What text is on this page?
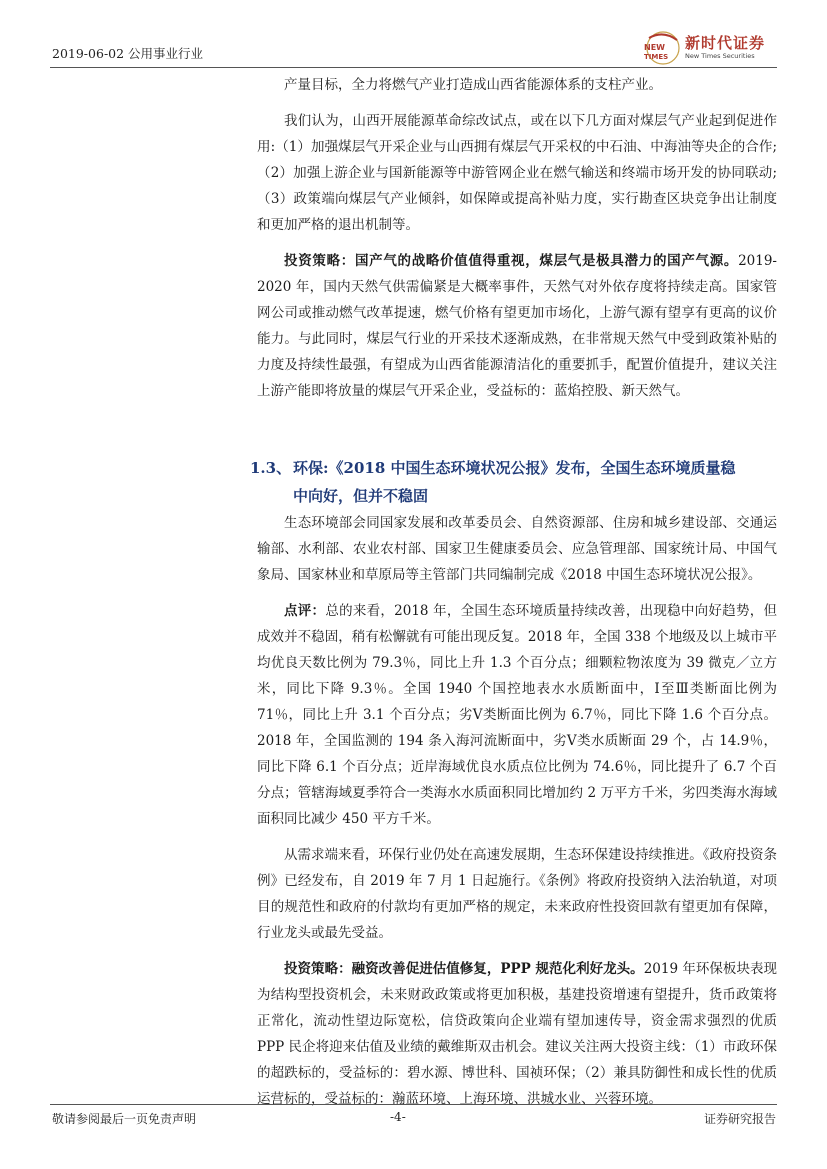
2019-06-02 公用事业行业	NEW
TIMES
新时代证券
New Times Securities

产量目标，全力将燃气产业打造成山西省能源体系的支柱产业。

我们认为，山西开展能源革命综改试点，或在以下几方面对煤层气产业起到促进作用:（1）加强煤层气开采企业与山西拥有煤层气开采权的中石油、中海油等央企的合作;（2）加强上游企业与国新能源等中游管网企业在燃气输送和终端市场开发的协同联动;（3）政策端向煤层气产业倾斜，如保障或提高补贴力度，实行勘查区块竞争出让制度和更加严格的退出机制等。

投资策略：国产气的战略价值值得重视，煤层气是极具潜力的国产气源。2019-2020 年，国内天然气供需偏紧是大概率事件，天然气对外依存度将持续走高。国家管网公司或推动燃气改革提速，燃气价格有望更加市场化，上游气源有望享有更高的议价能力。与此同时，煤层气行业的开采技术逐渐成熟，在非常规天然气中受到政策补贴的力度及持续性最强，有望成为山西省能源清洁化的重要抓手，配置价值提升，建议关注上游产能即将放量的煤层气开采企业，受益标的：蓝焰控股、新天然气。

1.3、 环保:《2018 中国生态环境状况公报》发布，全国生态环境质量稳
中向好，但并不稳固

生态环境部会同国家发展和改革委员会、自然资源部、住房和城乡建设部、交通运输部、水利部、农业农村部、国家卫生健康委员会、应急管理部、国家统计局、中国气象局、国家林业和草原局等主管部门共同编制完成《2018 中国生态环境状况公报》。

点评：总的来看，2018 年，全国生态环境质量持续改善，出现稳中向好趋势，但成效并不稳固，稍有松懈就有可能出现反复。2018 年，全国 338 个地级及以上城市平均优良天数比例为 79.3％，同比上升 1.3 个百分点；细颗粒物浓度为 39 微克／立方米，同比下降 9.3％。全国 1940 个国控地表水水质断面中，Ⅰ至Ⅲ类断面比例为 71％，同比上升 3.1 个百分点；劣Ⅴ类断面比例为 6.7％，同比下降 1.6 个百分点。2018 年，全国监测的 194 条入海河流断面中，劣Ⅴ类水质断面 29 个，占 14.9％，同比下降 6.1 个百分点；近岸海域优良水质点位比例为 74.6％，同比提升了 6.7 个百分点；管辖海域夏季符合一类海水水质面积同比增加约 2 万平方千米，劣四类海水海域面积同比减少 450 平方千米。

从需求端来看，环保行业仍处在高速发展期，生态环保建设持续推进。《政府投资条例》已经发布，自 2019 年 7 月 1 日起施行。《条例》将政府投资纳入法治轨道，对项目的规范性和政府的付款均有更加严格的规定，未来政府性投资回款有望更加有保障，行业龙头或最先受益。

投资策略：融资改善促进估值修复，PPP 规范化利好龙头。2019 年环保板块表现为结构型投资机会，未来财政政策或将更加积极，基建投资增速有望提升，货币政策将正常化，流动性望边际宽松，信贷政策向企业端有望加速传导，资金需求强烈的优质 PPP 民企将迎来估值及业绩的戴维斯双击机会。建议关注两大投资主线：（1）市政环保的超跌标的，受益标的：碧水源、博世科、国祯环保；（2）兼具防御性和成长性的优质运营标的，受益标的：瀚蓝环境、上海环境、洪城水业、兴蓉环境。

敬请参阅最后一页免责声明	-4-	证券研究报告
